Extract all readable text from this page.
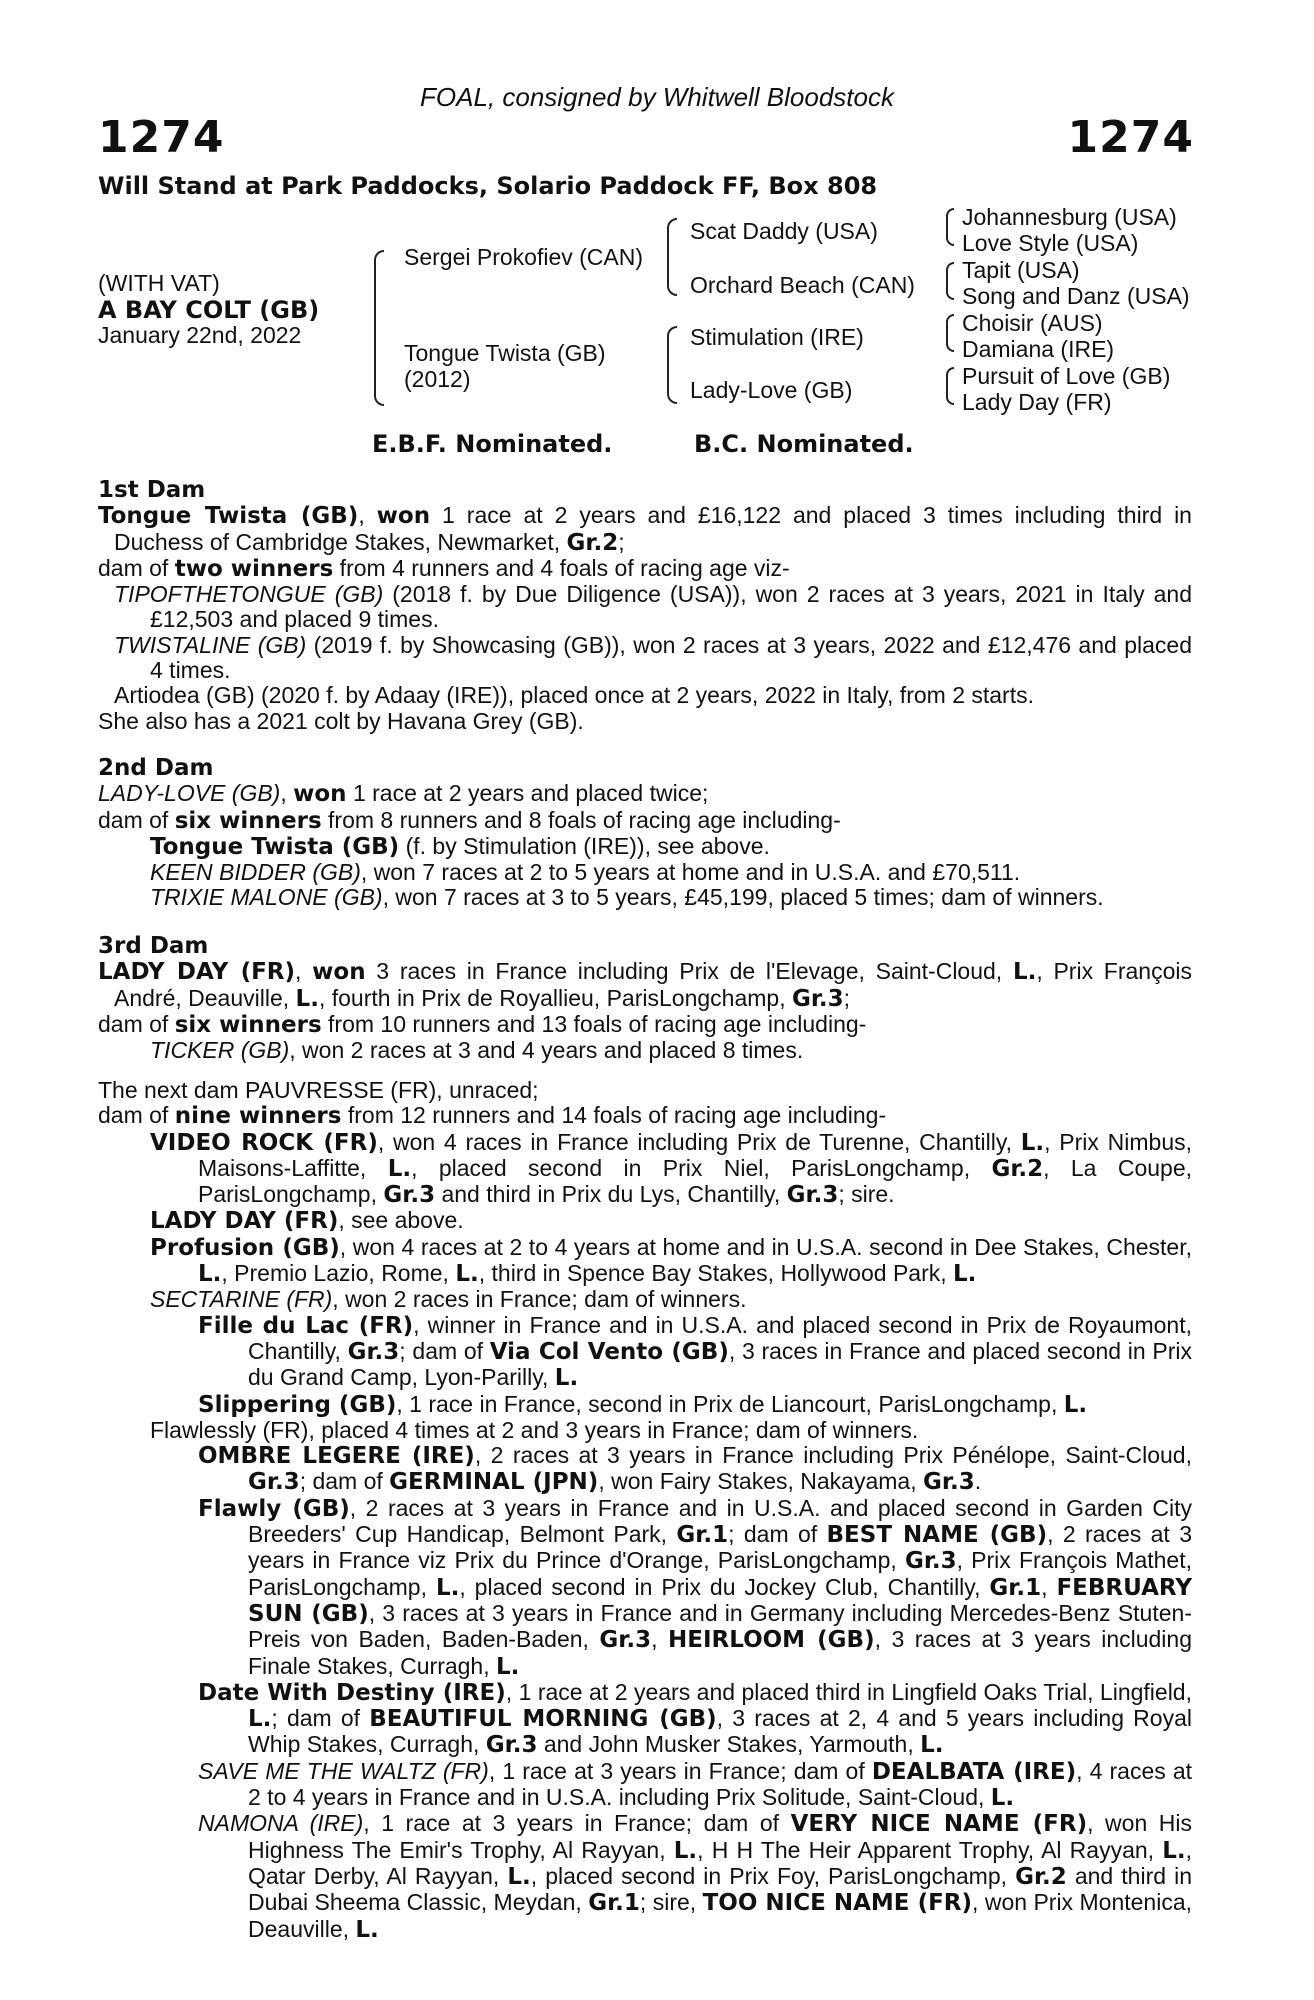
FOAL, consigned by Whitwell Bloodstock
1274	1274
Will Stand at Park Paddocks, Solario Paddock FF, Box 808
(WITH VAT)
A BAY COLT (GB)
January 22nd, 2022
Sergei Prokofiev (CAN)
Tongue Twista (GB)
(2012)
Scat Daddy (USA)
Orchard Beach (CAN)
Stimulation (IRE)
Lady-Love (GB)
Johannesburg (USA)
Love Style (USA)
Tapit (USA)
Song and Danz (USA)
Choisir (AUS)
Damiana (IRE)
Pursuit of Love (GB)
Lady Day (FR)
E.B.F. Nominated.	B.C. Nominated.

1st Dam

Tongue Twista (GB), won 1 race at 2 years and £16,122 and placed 3 times including third in Duchess of Cambridge Stakes, Newmarket, Gr.2;

dam of two winners from 4 runners and 4 foals of racing age viz-

TIPOFTHETONGUE (GB) (2018 f. by Due Diligence (USA)), won 2 races at 3 years, 2021 in Italy and £12,503 and placed 9 times.

TWISTALINE (GB) (2019 f. by Showcasing (GB)), won 2 races at 3 years, 2022 and £12,476 and placed 4 times.

Artiodea (GB) (2020 f. by Adaay (IRE)), placed once at 2 years, 2022 in Italy, from 2 starts.

She also has a 2021 colt by Havana Grey (GB).

2nd Dam

LADY-LOVE (GB), won 1 race at 2 years and placed twice;

dam of six winners from 8 runners and 8 foals of racing age including-

Tongue Twista (GB) (f. by Stimulation (IRE)), see above.

KEEN BIDDER (GB), won 7 races at 2 to 5 years at home and in U.S.A. and £70,511.

TRIXIE MALONE (GB), won 7 races at 3 to 5 years, £45,199, placed 5 times; dam of winners.

3rd Dam

LADY DAY (FR), won 3 races in France including Prix de l'Elevage, Saint-Cloud, L., Prix François André, Deauville, L., fourth in Prix de Royallieu, ParisLongchamp, Gr.3;

dam of six winners from 10 runners and 13 foals of racing age including-

TICKER (GB), won 2 races at 3 and 4 years and placed 8 times.

The next dam PAUVRESSE (FR), unraced;

dam of nine winners from 12 runners and 14 foals of racing age including-

VIDEO ROCK (FR), won 4 races in France including Prix de Turenne, Chantilly, L., Prix Nimbus, Maisons-Laffitte, L., placed second in Prix Niel, ParisLongchamp, Gr.2, La Coupe, ParisLongchamp, Gr.3 and third in Prix du Lys, Chantilly, Gr.3; sire.

LADY DAY (FR), see above.

Profusion (GB), won 4 races at 2 to 4 years at home and in U.S.A. second in Dee Stakes, Chester, L., Premio Lazio, Rome, L., third in Spence Bay Stakes, Hollywood Park, L.

SECTARINE (FR), won 2 races in France; dam of winners.

Fille du Lac (FR), winner in France and in U.S.A. and placed second in Prix de Royaumont, Chantilly, Gr.3; dam of Via Col Vento (GB), 3 races in France and placed second in Prix du Grand Camp, Lyon-Parilly, L.

Slippering (GB), 1 race in France, second in Prix de Liancourt, ParisLongchamp, L.

Flawlessly (FR), placed 4 times at 2 and 3 years in France; dam of winners.

OMBRE LEGERE (IRE), 2 races at 3 years in France including Prix Pénélope, Saint-Cloud, Gr.3; dam of GERMINAL (JPN), won Fairy Stakes, Nakayama, Gr.3.

Flawly (GB), 2 races at 3 years in France and in U.S.A. and placed second in Garden City Breeders' Cup Handicap, Belmont Park, Gr.1; dam of BEST NAME (GB), 2 races at 3 years in France viz Prix du Prince d'Orange, ParisLongchamp, Gr.3, Prix François Mathet, ParisLongchamp, L., placed second in Prix du Jockey Club, Chantilly, Gr.1, FEBRUARY SUN (GB), 3 races at 3 years in France and in Germany including Mercedes-Benz Stuten-Preis von Baden, Baden-Baden, Gr.3, HEIRLOOM (GB), 3 races at 3 years including Finale Stakes, Curragh, L.

Date With Destiny (IRE), 1 race at 2 years and placed third in Lingfield Oaks Trial, Lingfield, L.; dam of BEAUTIFUL MORNING (GB), 3 races at 2, 4 and 5 years including Royal Whip Stakes, Curragh, Gr.3 and John Musker Stakes, Yarmouth, L.

SAVE ME THE WALTZ (FR), 1 race at 3 years in France; dam of DEALBATA (IRE), 4 races at 2 to 4 years in France and in U.S.A. including Prix Solitude, Saint-Cloud, L.

NAMONA (IRE), 1 race at 3 years in France; dam of VERY NICE NAME (FR), won His Highness The Emir's Trophy, Al Rayyan, L., H H The Heir Apparent Trophy, Al Rayyan, L., Qatar Derby, Al Rayyan, L., placed second in Prix Foy, ParisLongchamp, Gr.2 and third in Dubai Sheema Classic, Meydan, Gr.1; sire, TOO NICE NAME (FR), won Prix Montenica, Deauville, L.
